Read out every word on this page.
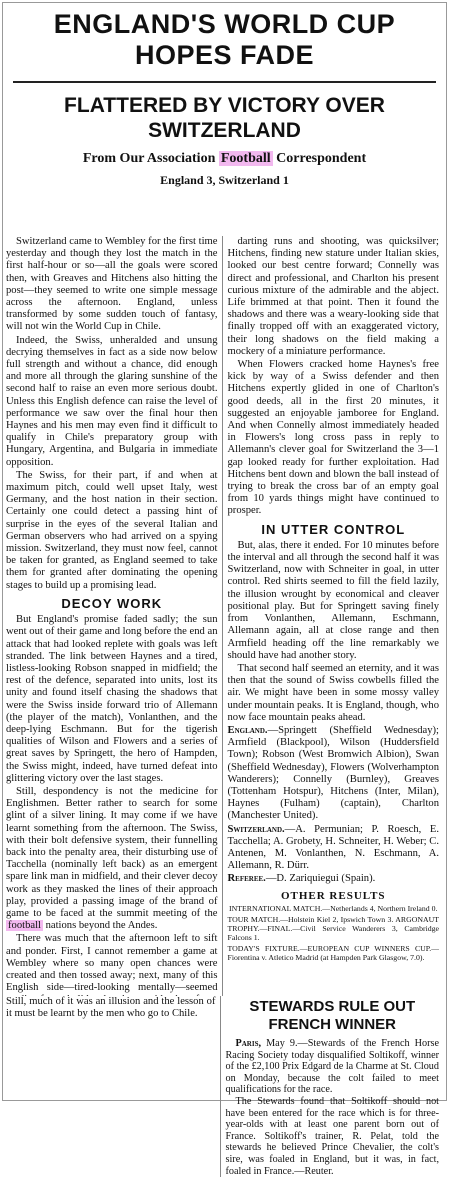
ENGLAND'S WORLD CUP HOPES FADE
FLATTERED BY VICTORY OVER SWITZERLAND
From Our Association Football Correspondent
England 3, Switzerland 1

Switzerland came to Wembley for the first time yesterday and though they lost the match in the first half-hour or so—all the goals were scored then, with Greaves and Hitchens also hitting the post—they seemed to write one simple message across the afternoon. England, unless transformed by some sudden touch of fantasy, will not win the World Cup in Chile.

Indeed, the Swiss, unheralded and unsung decrying themselves in fact as a side now below full strength and without a chance, did enough and more all through the glaring sunshine of the second half to raise an even more serious doubt. Unless this English defence can raise the level of performance we saw over the final hour then Haynes and his men may even find it difficult to qualify in Chile's preparatory group with Hungary, Argentina, and Bulgaria in immediate opposition.

The Swiss, for their part, if and when at maximum pitch, could well upset Italy, west Germany, and the host nation in their section. Certainly one could detect a passing hint of surprise in the eyes of the several Italian and German observers who had arrived on a spying mission. Switzerland, they must now feel, cannot be taken for granted, as England seemed to take them for granted after dominating the opening stages to build up a promising lead.

DECOY WORK

But England's promise faded sadly; the sun went out of their game and long before the end an attack that had looked replete with goals was left stranded. The link between Haynes and a tired, listless-looking Robson snapped in midfield; the rest of the defence, separated into units, lost its unity and found itself chasing the shadows that were the Swiss inside forward trio of Allemann (the player of the match), Vonlanthen, and the deep-lying Eschmann. But for the tigerish qualities of Wilson and Flowers and a series of great saves by Springett, the hero of Hampden, the Swiss might, indeed, have turned defeat into glittering victory over the last stages.

Still, despondency is not the medicine for Englishmen. Better rather to search for some glint of a silver lining. It may come if we have learnt something from the afternoon. The Swiss, with their bolt defensive system, their funnelling back into the penalty area, their disturbing use of Tacchella (nominally left back) as an emergent spare link man in midfield, and their clever decoy work as they masked the lines of their approach play, provided a passing image of the brand of game to be faced at the summit meeting of the football nations beyond the Andes.

There was much that the afternoon left to sift and ponder. First, I cannot remember a game at Wembley where so many open chances were created and then tossed away; next, many of this English side—tired-looking mentally—seemed

darting runs and shooting, was quicksilver; Hitchens, finding new stature under Italian skies, looked our best centre forward; Connelly was direct and professional, and Charlton his present curious mixture of the admirable and the abject. Life brimmed at that point. Then it found the shadows and there was a weary-looking side that finally tropped off with an exaggerated victory, their long shadows on the field making a mockery of a miniature performance.

When Flowers cracked home Haynes's free kick by way of a Swiss defender and then Hitchens expertly glided in one of Charlton's good deeds, all in the first 20 minutes, it suggested an enjoyable jamboree for England. And when Connelly almost immediately headed in Flowers's long cross pass in reply to Allemann's clever goal for Switzerland the 3—1 gap looked ready for further exploitation. Had Hitchens bent down and blown the ball instead of trying to break the cross bar of an empty goal from 10 yards things might have continued to prosper.

IN UTTER CONTROL

But, alas, there it ended. For 10 minutes before the interval and all through the second half it was Switzerland, now with Schneiter in goal, in utter control. Red shirts seemed to fill the field lazily, the illusion wrought by economical and cleaver positional play. But for Springett saving finely from Vonlanthen, Allemann, Eschmann, Allemann again, all at close range and then Armfield heading off the line remarkably we should have had another story.

That second half seemed an eternity, and it was then that the sound of Swiss cowbells filled the air. We might have been in some mossy valley under mountain peaks. It is England, though, who now face mountain peaks ahead.

England.—Springett (Sheffield Wednesday); Armfield (Blackpool), Wilson (Huddersfield Town); Robson (West Bromwich Albion), Swan (Sheffield Wednesday), Flowers (Wolverhampton Wanderers); Connelly (Burnley), Greaves (Tottenham Hotspur), Hitchens (Inter, Milan), Haynes (Fulham) (captain), Charlton (Manchester United).

Switzerland.—A. Permunian; P. Roesch, E. Tacchella; A. Grobety, H. Schneiter, H. Weber; C. Antenen, M. Vonlanthen, N. Eschmann, A. Allemann, R. Dürr.

Referee.—D. Zariquiegui (Spain).

OTHER RESULTS

INTERNATIONAL MATCH.—Netherlands 4, Northern Ireland 0.

TOUR MATCH.—Holstein Kiel 2, Ipswich Town 3. ARGONAUT TROPHY.—FINAL.—Civil Service Wanderers 3, Cambridge Falcons 1.

TODAY'S FIXTURE.—EUROPEAN CUP WINNERS CUP.—Fiorentina v. Atletico Madrid (at Hampden Park Glasgow, 7.0).

Still, much of it was an illusion and the lesson of it must be learnt by the men who go to Chile.	STEWARDS RULE OUT FRENCH WINNER

Paris, May 9.—Stewards of the French Horse Racing Society today disqualified Soltikoff, winner of the £2,100 Prix Edgard de la Charme at St. Cloud on Monday, because the colt failed to meet qualifications for the race.

The Stewards found that Soltikoff should not have been entered for the race which is for three-year-olds with at least one parent born out of France. Soltikoff's trainer, R. Pelat, told the stewards he believed Prince Chevalier, the colt's sire, was foaled in England, but it was, in fact, foaled in France.—Reuter.
